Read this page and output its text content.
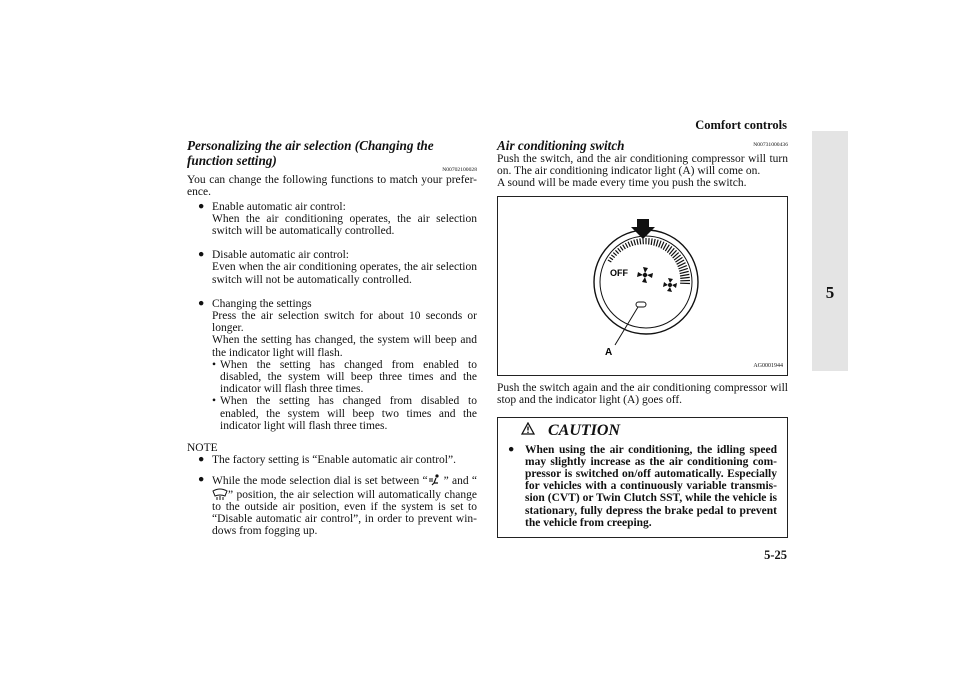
Comfort controls
5
5-25
Personalizing the air selection (Changing the function setting)
N00702100028

You can change the following functions to match your prefer-ence.

● Enable automatic air control:

When the air conditioning operates, the air selection switch will be automatically controlled.

● Disable automatic air control:

Even when the air conditioning operates, the air selection switch will not be automatically controlled.

● Changing the settings

Press the air selection switch for about 10 seconds or longer.

When the setting has changed, the system will beep and the indicator light will flash.

• When the setting has changed from enabled to disabled, the system will beep three times and the indicator will flash three times.

• When the setting has changed from disabled to enabled, the system will beep two times and the indicator light will flash three times.

NOTE
● The factory setting is “Enable automatic air control”.

● While the mode selection dial is set between “ ” and “” position, the air selection will automatically change to the outside air position, even if the system is set to “Disable automatic air control”, in order to prevent win-dows from fogging up.

Air conditioning switch	N00731000436

Push the switch, and the air conditioning compressor will turn on. The air conditioning indicator light (A) will come on.

A sound will be made every time you push the switch.

OFF
A
AG0001944

Push the switch again and the air conditioning compressor will stop and the indicator light (A) goes off.

CAUTION
● When using the air conditioning, the idling speed may slightly increase as the air conditioning com-pressor is switched on/off automatically. Especially for vehicles with a continuously variable transmis-sion (CVT) or Twin Clutch SST, while the vehicle is stationary, fully depress the brake pedal to prevent the vehicle from creeping.
